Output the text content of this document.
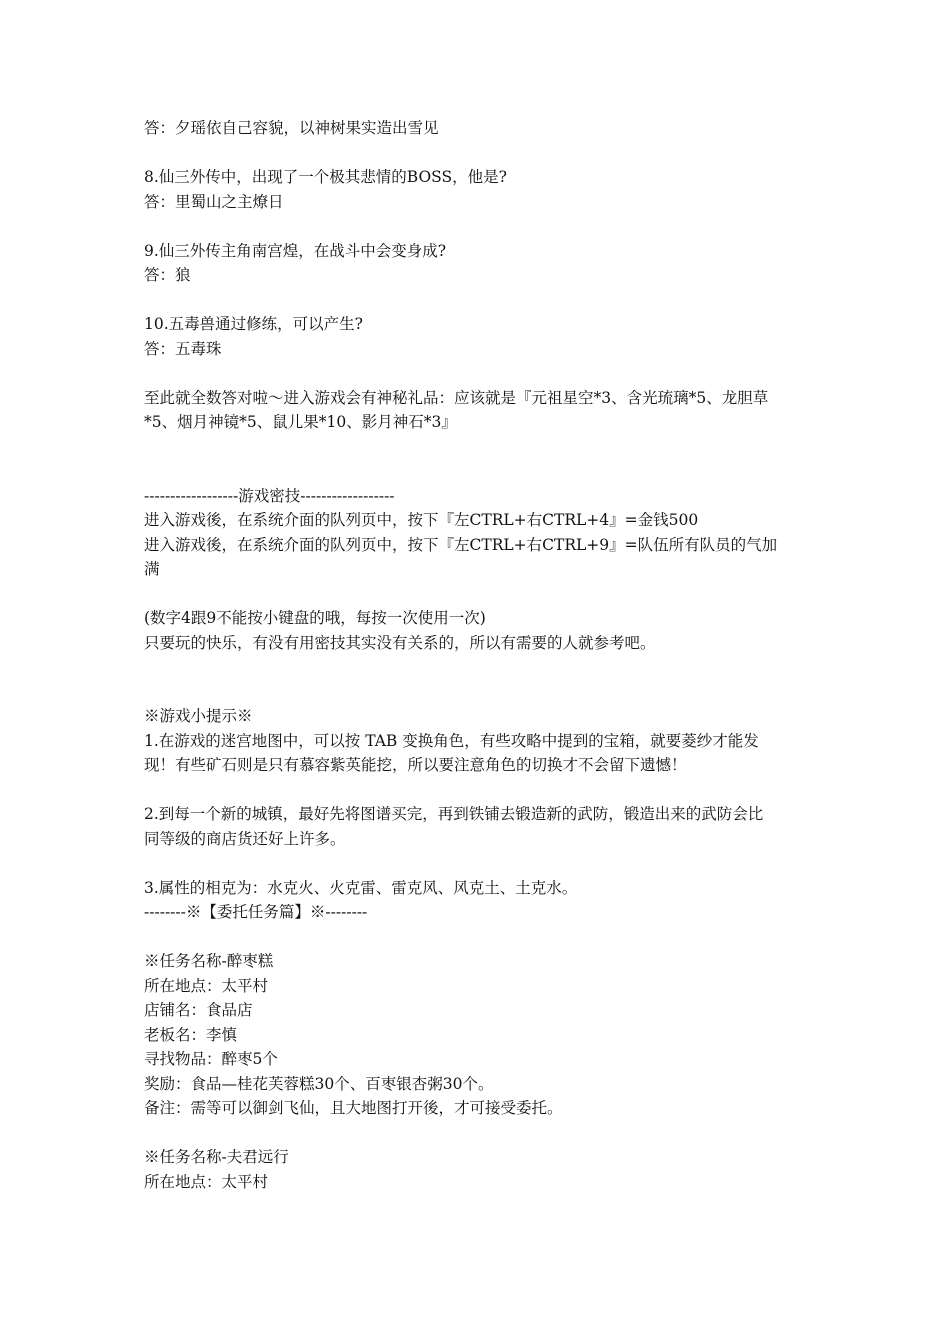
答：夕瑶依自己容貌，以神树果实造出雪见
8.仙三外传中，出现了一个极其悲情的BOSS，他是?
答：里蜀山之主燎日
9.仙三外传主角南宫煌，在战斗中会变身成?
答：狼
10.五毒兽通过修练，可以产生?
答：五毒珠
至此就全数答对啦～进入游戏会有神秘礼品：应该就是『元祖星空*3、含光琉璃*5、龙胆草
*5、烟月神镜*5、鼠儿果*10、影月神石*3』
------------------游戏密技------------------
进入游戏後，在系统介面的队列页中，按下『左CTRL+右CTRL+4』=金钱500
进入游戏後，在系统介面的队列页中，按下『左CTRL+右CTRL+9』=队伍所有队员的气加
满
(数字4跟9不能按小键盘的哦，每按一次使用一次)
只要玩的快乐，有没有用密技其实没有关系的，所以有需要的人就参考吧。
※游戏小提示※
1.在游戏的迷宫地图中，可以按 TAB 变换角色，有些攻略中提到的宝箱，就要菱纱才能发
现！有些矿石则是只有慕容紫英能挖，所以要注意角色的切换才不会留下遗憾！
2.到每一个新的城镇，最好先将图谱买完，再到铁铺去锻造新的武防，锻造出来的武防会比
同等级的商店货还好上许多。
3.属性的相克为：水克火、火克雷、雷克风、风克土、土克水。
--------※【委托任务篇】※--------
※任务名称-醉枣糕
所在地点：太平村
店铺名：食品店
老板名：李慎
寻找物品：醉枣5个
奖励：食品—桂花芙蓉糕30个、百枣银杏粥30个。
备注：需等可以御剑飞仙，且大地图打开後，才可接受委托。
※任务名称-夫君远行
所在地点：太平村
